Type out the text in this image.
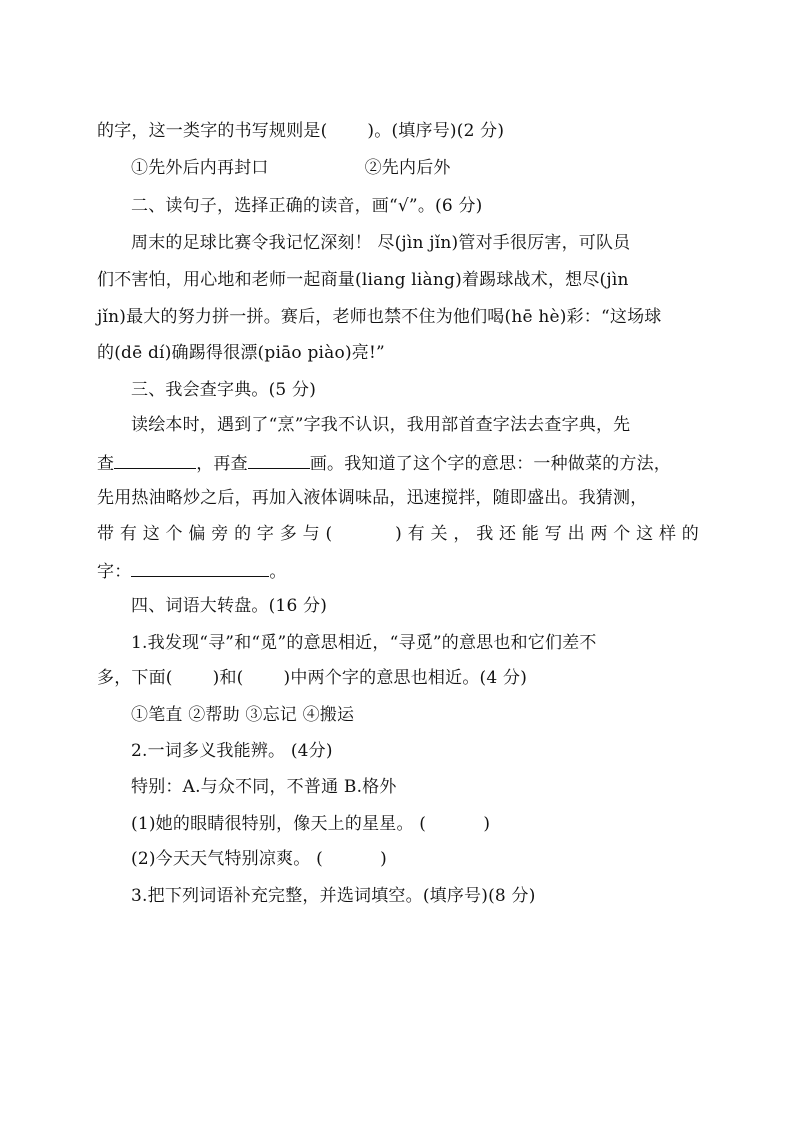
的字，这一类字的书写规则是(　　 )。(填序号)(2 分)
①先外后内再封口	②先内后外
二、读句子，选择正确的读音，画“√”。(6 分)
周末的足球比赛令我记忆深刻！ 尽(jìn jǐn)管对手很厉害，可队员
们不害怕，用心地和老师一起商量(liang liàng)着踢球战术，想尽(jìn
jǐn)最大的努力拼一拼。赛后，老师也禁不住为他们喝(hē hè)彩：“这场球
的(dē dí)确踢得很漂(piāo piào)亮!”
三、我会查字典。(5 分)
读绘本时，遇到了“烹”字我不认识，我用部首查字法去查字典，先
查	，再查	画。我知道了这个字的意思：一种做菜的方法，
先用热油略炒之后，再加入液体调味品，迅速搅拌，随即盛出。我猜测，
带 有 这 个 偏 旁 的 字 多 与 (
　　　	) 有 关 ， 我 还 能 写 出 两 个 这 样 的
字：	。
四、词语大转盘。(16 分)
1.我发现“寻”和“觅”的意思相近，“寻觅”的意思也和它们差不
多，下面(　　 )和(　　 )中两个字的意思也相近。(4 分)
①笔直 ②帮助 ③忘记 ④搬运
2.一词多义我能辨。 (4分)
特别：A.与众不同，不普通 B.格外
(1)她的眼睛很特别，像天上的星星。 (　　　 )
(2)今天天气特别凉爽。 (　　　 )
3.把下列词语补充完整，并选词填空。(填序号)(8 分)
